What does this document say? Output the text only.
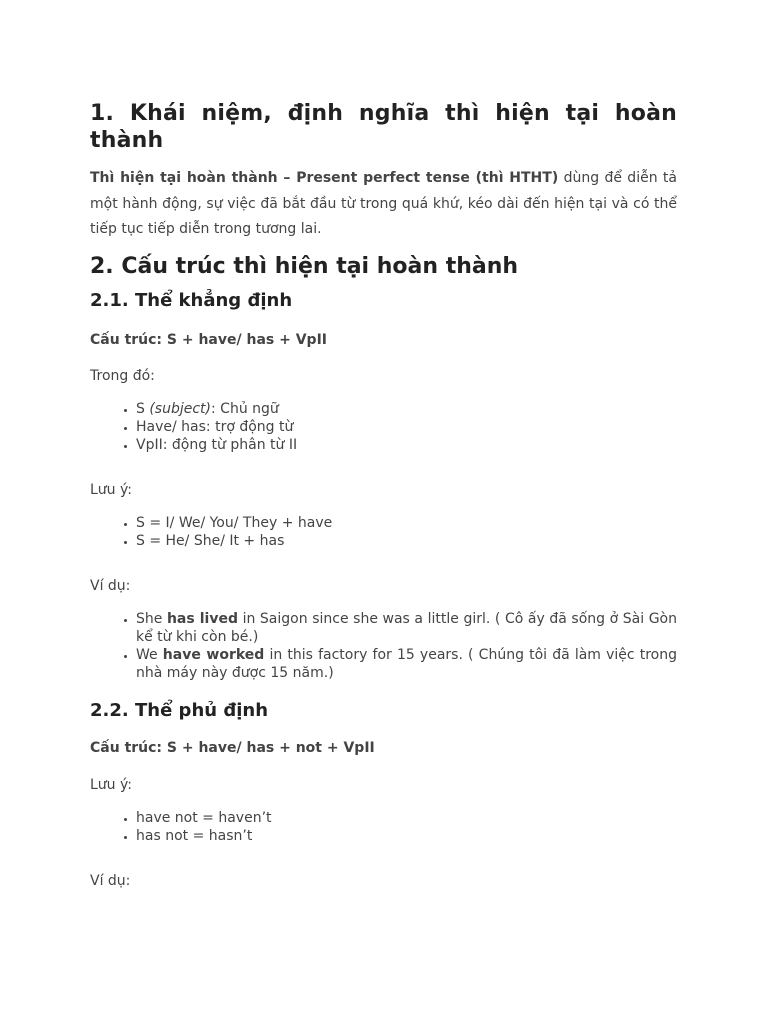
1. Khái niệm, định nghĩa thì hiện tại hoàn thành

Thì hiện tại hoàn thành – Present perfect tense (thì HTHT) dùng để diễn tả một hành động, sự việc đã bắt đầu từ trong quá khứ, kéo dài đến hiện tại và có thể tiếp tục tiếp diễn trong tương lai.

2. Cấu trúc thì hiện tại hoàn thành
2.1. Thể khẳng định

Cấu trúc: S + have/ has + VpII

Trong đó:

• S (subject): Chủ ngữ
• Have/ has: trợ động từ
• VpII: động từ phân từ II

Lưu ý:

• S = I/ We/ You/ They + have
• S = He/ She/ It + has

Ví dụ:

• She has lived in Saigon since she was a little girl. ( Cô ấy đã sống ở Sài Gòn kể từ khi còn bé.)
• We have worked in this factory for 15 years. ( Chúng tôi đã làm việc trong nhà máy này được 15 năm.)
2.2. Thể phủ định

Cấu trúc: S + have/ has + not + VpII

Lưu ý:

• have not = haven’t
• has not = hasn’t

Ví dụ:
